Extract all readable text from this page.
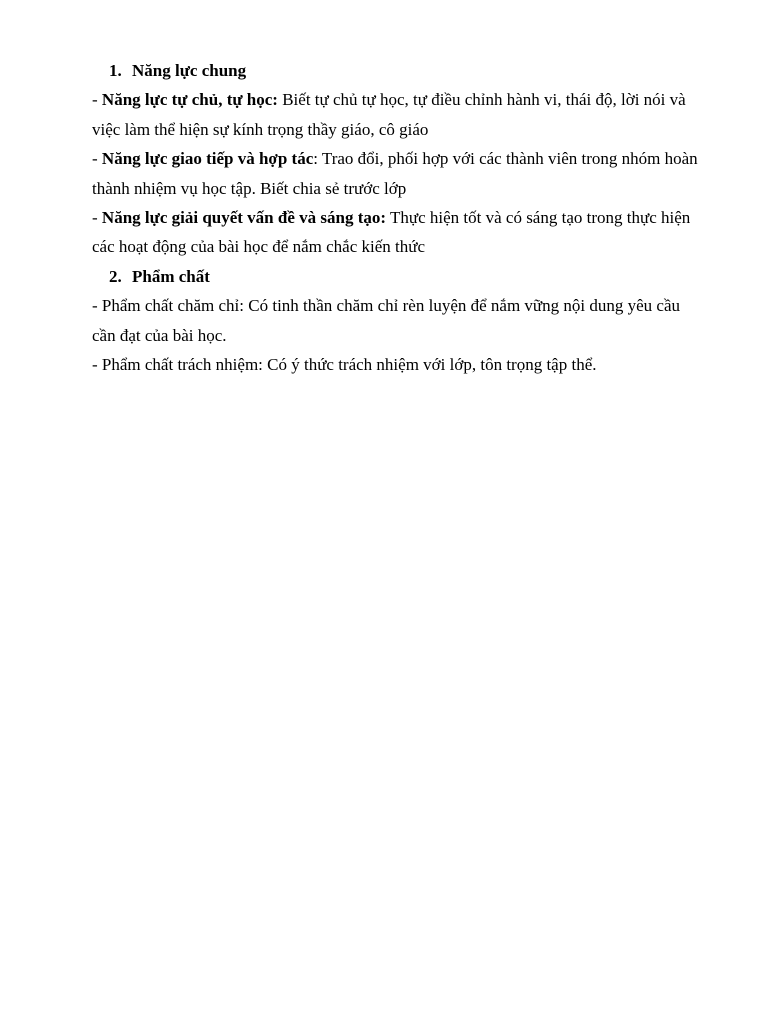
1. Năng lực chung

- Năng lực tự chủ, tự học: Biết tự chủ tự học, tự điều chỉnh hành vi, thái độ, lời nói và việc làm thể hiện sự kính trọng thầy giáo, cô giáo

- Năng lực giao tiếp và hợp tác: Trao đổi, phối hợp với các thành viên trong nhóm hoàn thành nhiệm vụ học tập. Biết chia sẻ trước lớp

- Năng lực giải quyết vấn đề và sáng tạo: Thực hiện tốt và có sáng tạo trong thực hiện các hoạt động của bài học để nắm chắc kiến thức

2. Phẩm chất

- Phẩm chất chăm chỉ: Có tinh thần chăm chỉ rèn luyện để nắm vững nội dung yêu cầu cần đạt của bài học.

- Phẩm chất trách nhiệm: Có ý thức trách nhiệm với lớp, tôn trọng tập thể.
